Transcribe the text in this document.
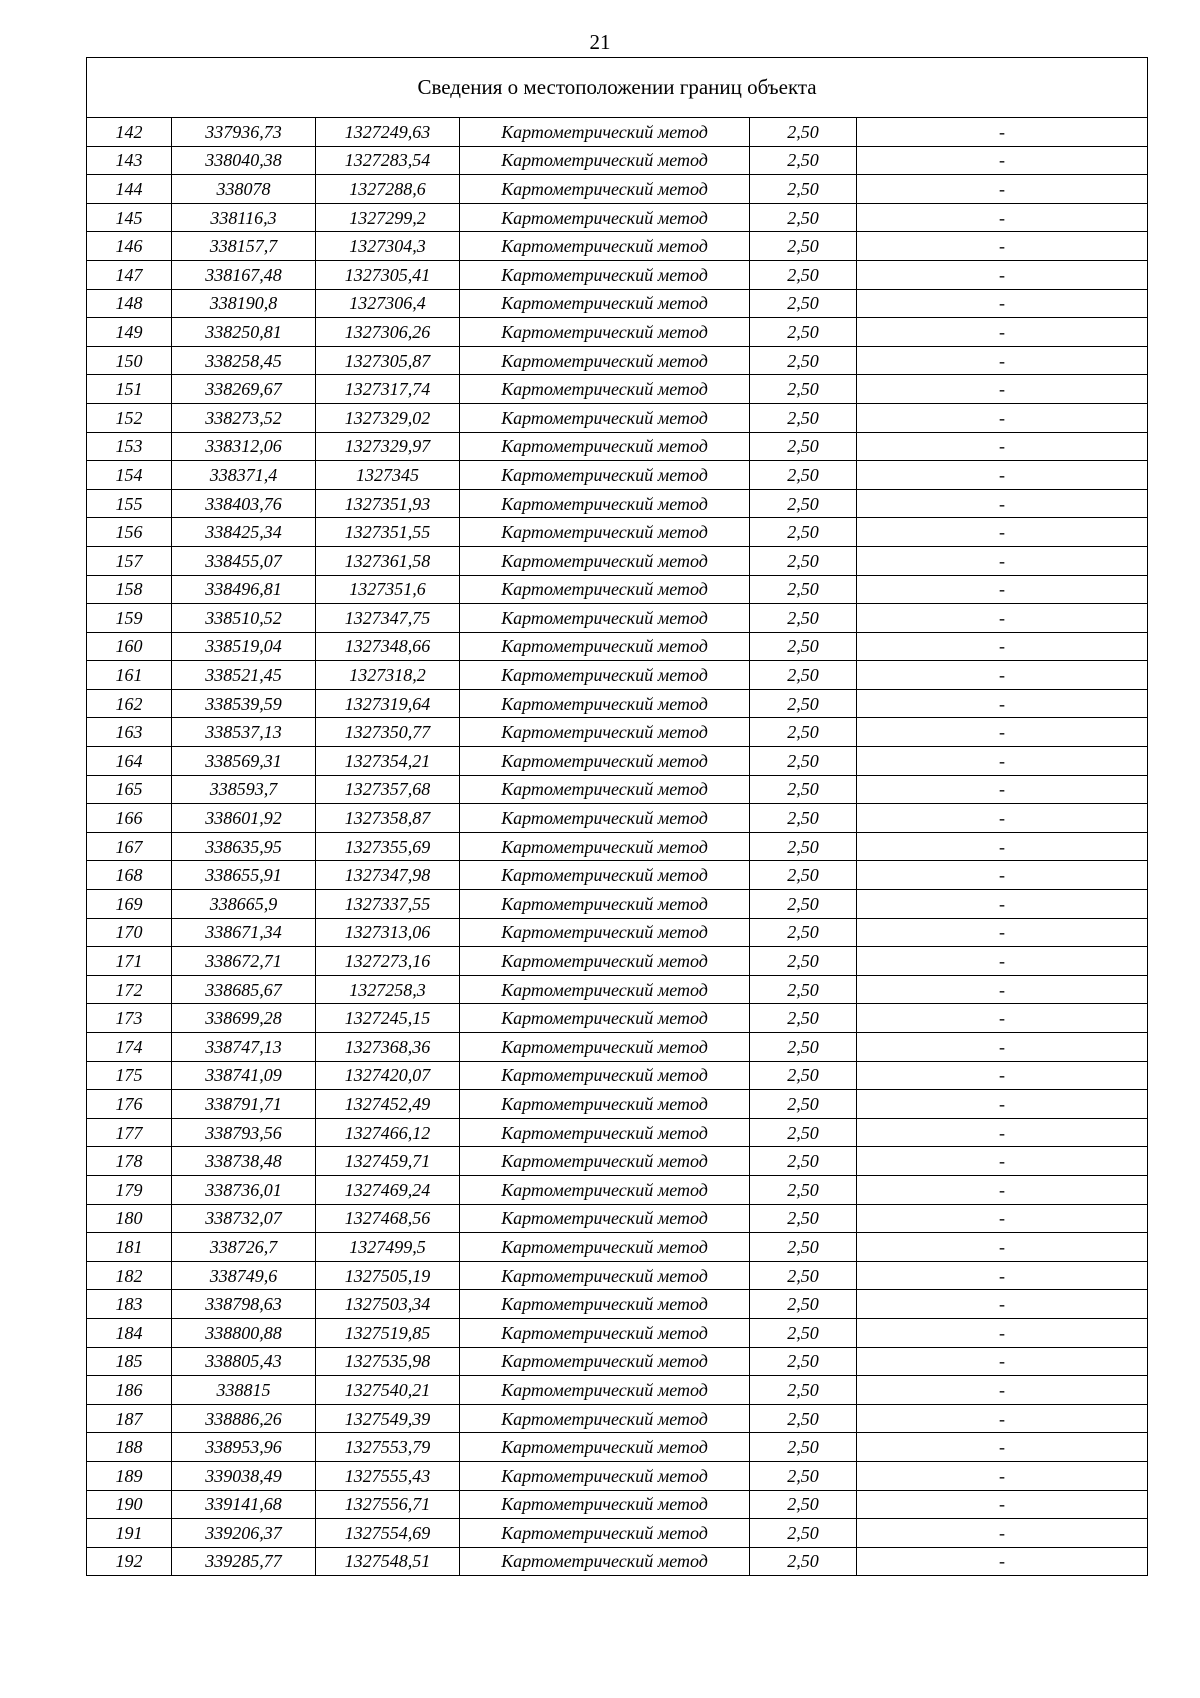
21
Сведения о местоположении границ объекта					
142	337936,73	1327249,63	Картометрический метод	2,50	-
143	338040,38	1327283,54	Картометрический метод	2,50	-
144	338078	1327288,6	Картометрический метод	2,50	-
145	338116,3	1327299,2	Картометрический метод	2,50	-
146	338157,7	1327304,3	Картометрический метод	2,50	-
147	338167,48	1327305,41	Картометрический метод	2,50	-
148	338190,8	1327306,4	Картометрический метод	2,50	-
149	338250,81	1327306,26	Картометрический метод	2,50	-
150	338258,45	1327305,87	Картометрический метод	2,50	-
151	338269,67	1327317,74	Картометрический метод	2,50	-
152	338273,52	1327329,02	Картометрический метод	2,50	-
153	338312,06	1327329,97	Картометрический метод	2,50	-
154	338371,4	1327345	Картометрический метод	2,50	-
155	338403,76	1327351,93	Картометрический метод	2,50	-
156	338425,34	1327351,55	Картометрический метод	2,50	-
157	338455,07	1327361,58	Картометрический метод	2,50	-
158	338496,81	1327351,6	Картометрический метод	2,50	-
159	338510,52	1327347,75	Картометрический метод	2,50	-
160	338519,04	1327348,66	Картометрический метод	2,50	-
161	338521,45	1327318,2	Картометрический метод	2,50	-
162	338539,59	1327319,64	Картометрический метод	2,50	-
163	338537,13	1327350,77	Картометрический метод	2,50	-
164	338569,31	1327354,21	Картометрический метод	2,50	-
165	338593,7	1327357,68	Картометрический метод	2,50	-
166	338601,92	1327358,87	Картометрический метод	2,50	-
167	338635,95	1327355,69	Картометрический метод	2,50	-
168	338655,91	1327347,98	Картометрический метод	2,50	-
169	338665,9	1327337,55	Картометрический метод	2,50	-
170	338671,34	1327313,06	Картометрический метод	2,50	-
171	338672,71	1327273,16	Картометрический метод	2,50	-
172	338685,67	1327258,3	Картометрический метод	2,50	-
173	338699,28	1327245,15	Картометрический метод	2,50	-
174	338747,13	1327368,36	Картометрический метод	2,50	-
175	338741,09	1327420,07	Картометрический метод	2,50	-
176	338791,71	1327452,49	Картометрический метод	2,50	-
177	338793,56	1327466,12	Картометрический метод	2,50	-
178	338738,48	1327459,71	Картометрический метод	2,50	-
179	338736,01	1327469,24	Картометрический метод	2,50	-
180	338732,07	1327468,56	Картометрический метод	2,50	-
181	338726,7	1327499,5	Картометрический метод	2,50	-
182	338749,6	1327505,19	Картометрический метод	2,50	-
183	338798,63	1327503,34	Картометрический метод	2,50	-
184	338800,88	1327519,85	Картометрический метод	2,50	-
185	338805,43	1327535,98	Картометрический метод	2,50	-
186	338815	1327540,21	Картометрический метод	2,50	-
187	338886,26	1327549,39	Картометрический метод	2,50	-
188	338953,96	1327553,79	Картометрический метод	2,50	-
189	339038,49	1327555,43	Картометрический метод	2,50	-
190	339141,68	1327556,71	Картометрический метод	2,50	-
191	339206,37	1327554,69	Картометрический метод	2,50	-
192	339285,77	1327548,51	Картометрический метод	2,50	-
